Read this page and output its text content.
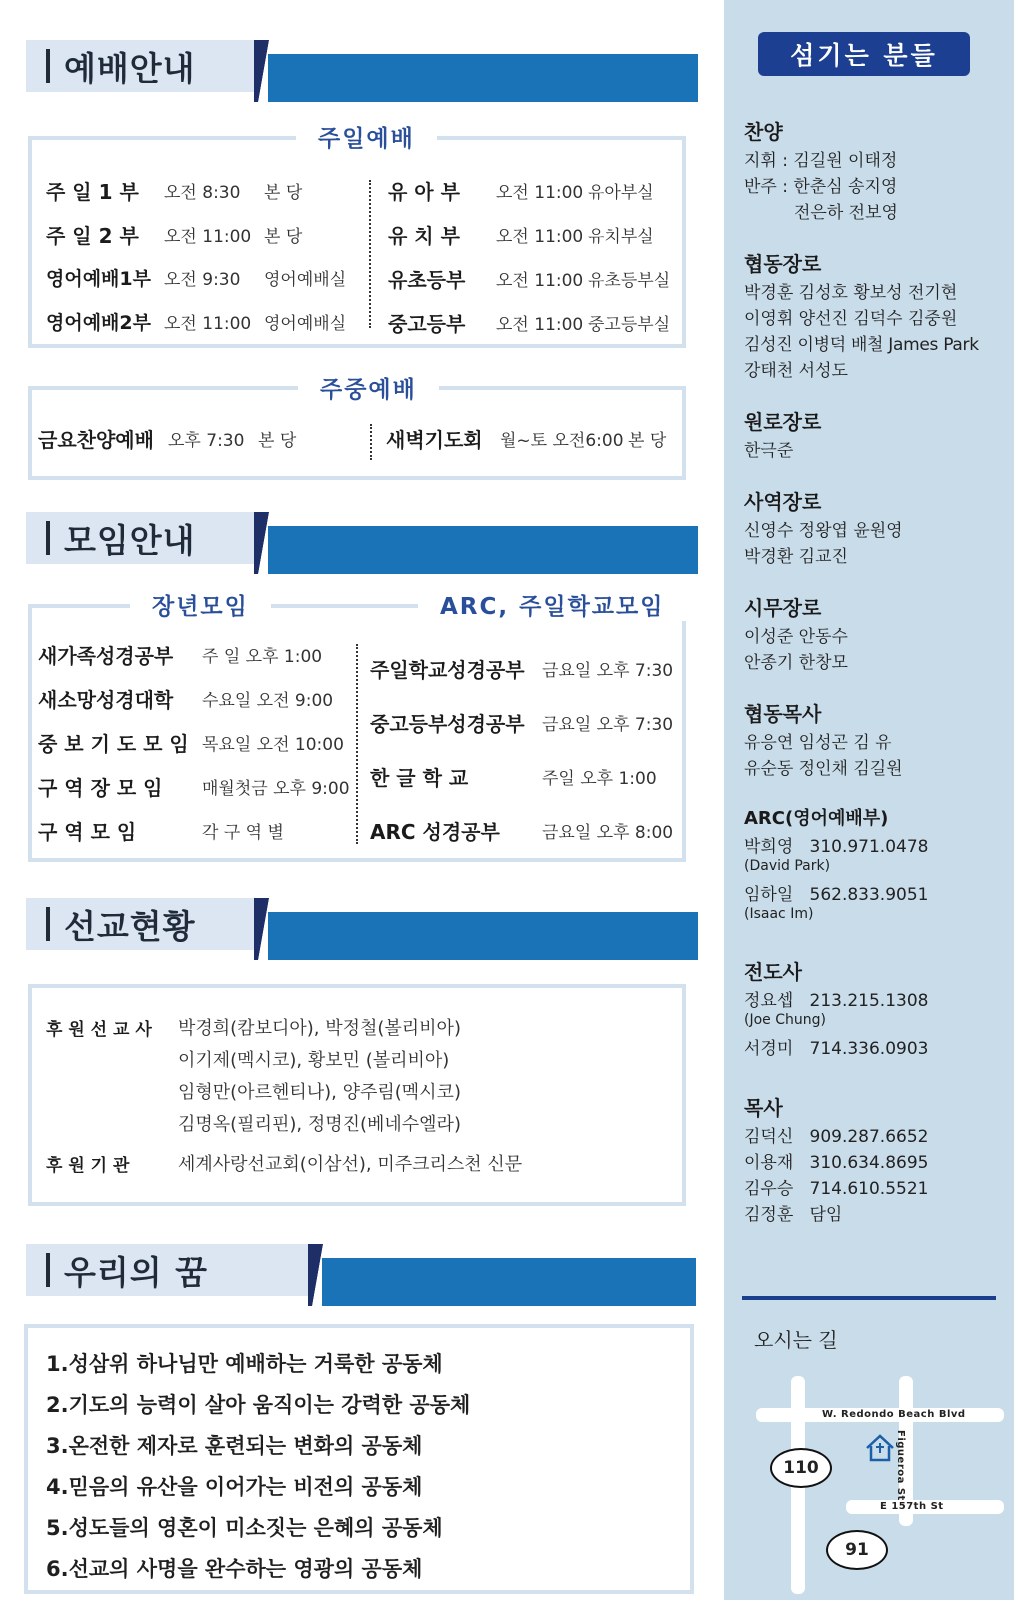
예배안내
주일예배
주 일 1 부	오전 8:30	본 당
주 일 2 부	오전 11:00 본 당
영어예배1부 오전 9:30	영어예배실
영어예배2부 오전 11:00 영어예배실
유 아 부	오전 11:00 유아부실
유 치 부	오전 11:00 유치부실
유초등부	오전 11:00 유초등부실
중고등부	오전 11:00 중고등부실
주중예배
금요찬양예배 오후 7:30 본 당	새벽기도회	월~토 오전6:00 본 당
모임안내
장년모임	ARC, 주일학교모임
새가족성경공부	주 일 오후 1:00
새소망성경대학	수요일 오전 9:00
중 보 기 도 모 임 목요일 오전 10:00
구 역 장 모 임	매월첫금 오후 9:00
구 역 모 임	각 구 역 별
주일학교성경공부	금요일 오후 7:30
중고등부성경공부	금요일 오후 7:30
한 글 학 교	주일 오후 1:00
ARC 성경공부	금요일 오후 8:00
선교현황
후 원 선 교 사	박경희(캄보디아), 박정철(볼리비아)
이기제(멕시코), 황보민 (볼리비아)
임형만(아르헨티나), 양주림(멕시코)
김명옥(필리핀), 정명진(베네수엘라)
후 원 기 관	세계사랑선교회(이삼선), 미주크리스천 신문
우리의 꿈
1.성삼위 하나님만 예배하는 거룩한 공동체
2.기도의 능력이 살아 움직이는 강력한 공동체
3.온전한 제자로 훈련되는 변화의 공동체
4.믿음의 유산을 이어가는 비전의 공동체
5.성도들의 영혼이 미소짓는 은혜의 공동체
6.선교의 사명을 완수하는 영광의 공동체
섬기는 분들
찬양
지휘 : 김길원 이태정
반주 : 한춘심 송지영
전은하 전보영
협동장로
박경훈 김성호 황보성 전기현
이영휘 양선진 김덕수 김중원
김성진 이병덕 배철 James Park
강태천 서성도
원로장로
한극준
사역장로
신영수 정왕엽 윤원영
박경환 김교진
시무장로
이성준 안동수
안종기 한창모
협동목사
유응연 임성곤 김 유
유순동 정인채 김길원
ARC(영어예배부)
박희영 310.971.0478
(David Park)
임하일 562.833.9051
(Isaac Im)
전도사
정요셉 213.215.1308
(Joe Chung)
서경미 714.336.0903
목사
김덕신 909.287.6652
이용재 310.634.8695
김우승 714.610.5521
김정훈 담임
오시는 길
W. Redondo Beach Blvd
Figueroa St
E 157th St
110
91
